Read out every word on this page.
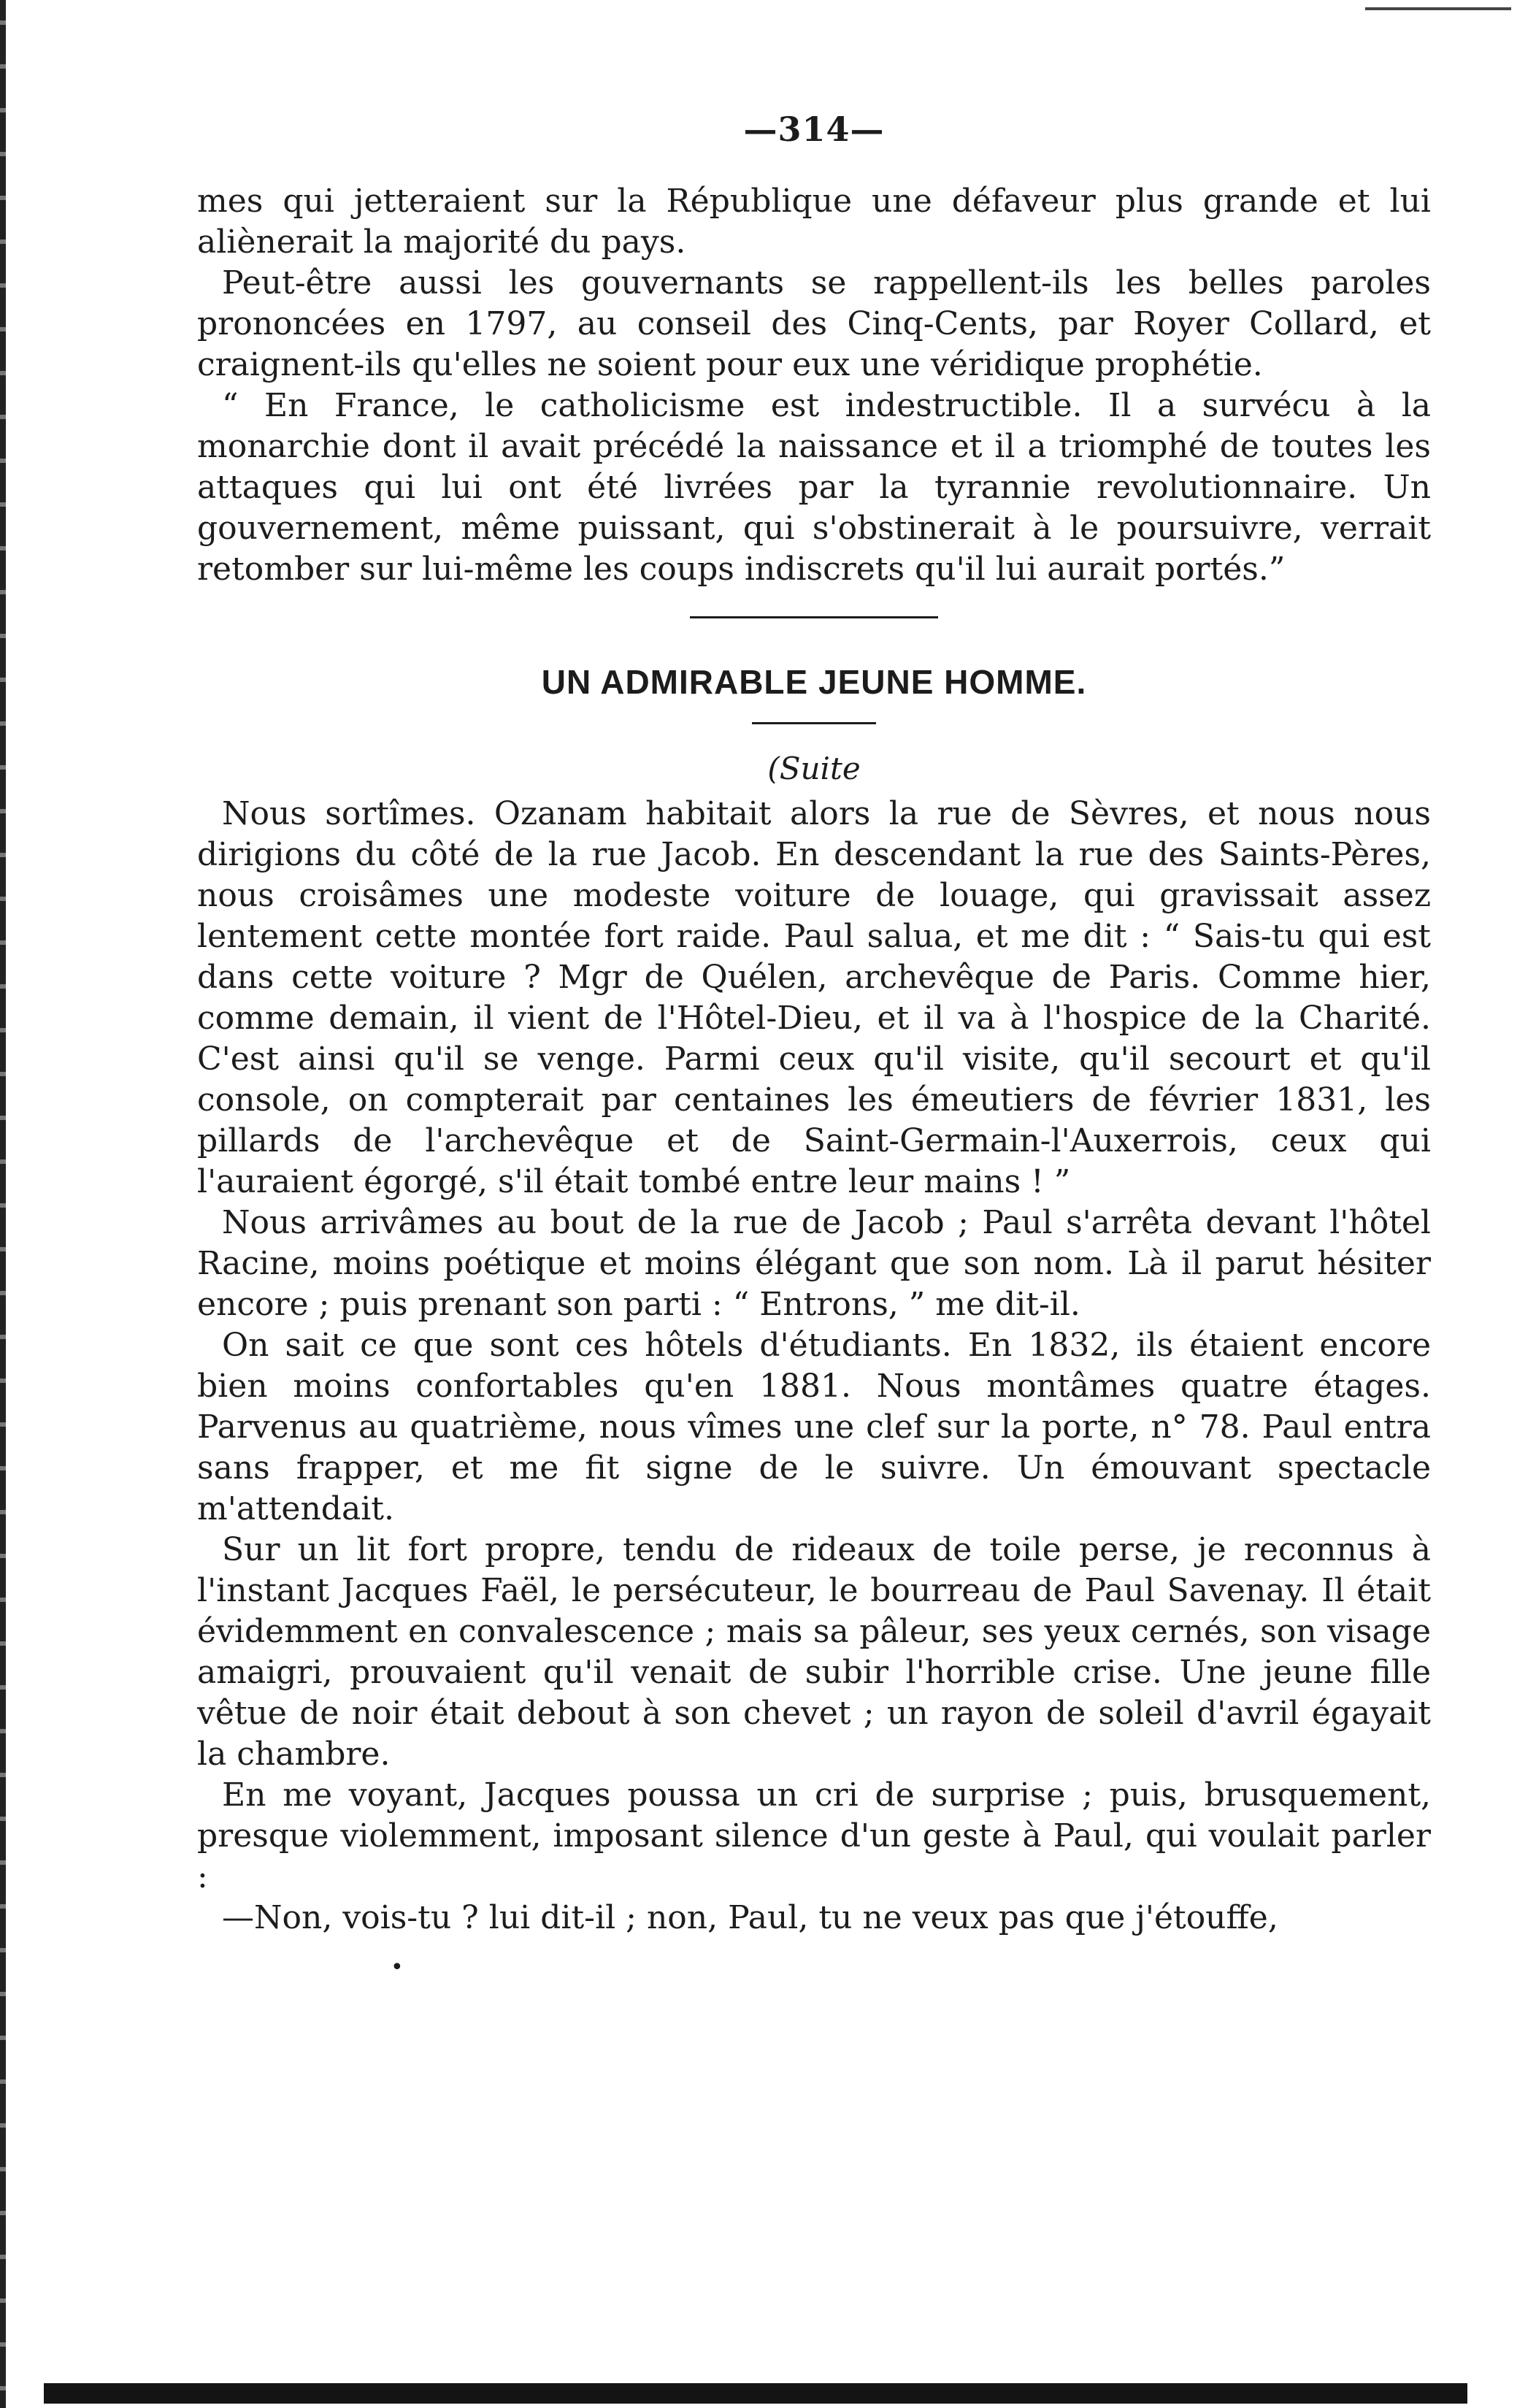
—314—

mes qui jetteraient sur la République une défaveur plus grande et lui aliènerait la majorité du pays.

Peut-être aussi les gouvernants se rappellent-ils les belles paroles prononcées en 1797, au conseil des Cinq-Cents, par Royer Collard, et craignent-ils qu'elles ne soient pour eux une véridique prophétie.

“ En France, le catholicisme est indestructible. Il a survécu à la monarchie dont il avait précédé la naissance et il a triomphé de toutes les attaques qui lui ont été livrées par la tyrannie revolutionnaire. Un gouvernement, même puissant, qui s'obstinerait à le poursuivre, verrait retomber sur lui-même les coups indiscrets qu'il lui aurait portés.”

UN ADMIRABLE JEUNE HOMME.
(Suite

Nous sortîmes. Ozanam habitait alors la rue de Sèvres, et nous nous dirigions du côté de la rue Jacob. En descendant la rue des Saints-Pères, nous croisâmes une modeste voiture de louage, qui gravissait assez lentement cette montée fort raide. Paul salua, et me dit : “ Sais-tu qui est dans cette voiture ? Mgr de Quélen, archevêque de Paris. Comme hier, comme demain, il vient de l'Hôtel-Dieu, et il va à l'hospice de la Charité. C'est ainsi qu'il se venge. Parmi ceux qu'il visite, qu'il secourt et qu'il console, on compterait par centaines les émeutiers de février 1831, les pillards de l'archevêque et de Saint-Germain-l'Auxerrois, ceux qui l'auraient égorgé, s'il était tombé entre leur mains ! ”

Nous arrivâmes au bout de la rue de Jacob ; Paul s'arrêta devant l'hôtel Racine, moins poétique et moins élégant que son nom. Là il parut hésiter encore ; puis prenant son parti : “ Entrons, ” me dit-il.

On sait ce que sont ces hôtels d'étudiants. En 1832, ils étaient encore bien moins confortables qu'en 1881. Nous montâmes quatre étages. Parvenus au quatrième, nous vîmes une clef sur la porte, n° 78. Paul entra sans frapper, et me fit signe de le suivre. Un émouvant spectacle m'attendait.

Sur un lit fort propre, tendu de rideaux de toile perse, je reconnus à l'instant Jacques Faël, le persécuteur, le bourreau de Paul Savenay. Il était évidemment en convalescence ; mais sa pâleur, ses yeux cernés, son visage amaigri, prouvaient qu'il venait de subir l'horrible crise. Une jeune fille vêtue de noir était debout à son chevet ; un rayon de soleil d'avril égayait la chambre.

En me voyant, Jacques poussa un cri de surprise ; puis, brusquement, presque violemment, imposant silence d'un geste à Paul, qui voulait parler :

—Non, vois-tu ? lui dit-il ; non, Paul, tu ne veux pas que j'étouffe,

•
